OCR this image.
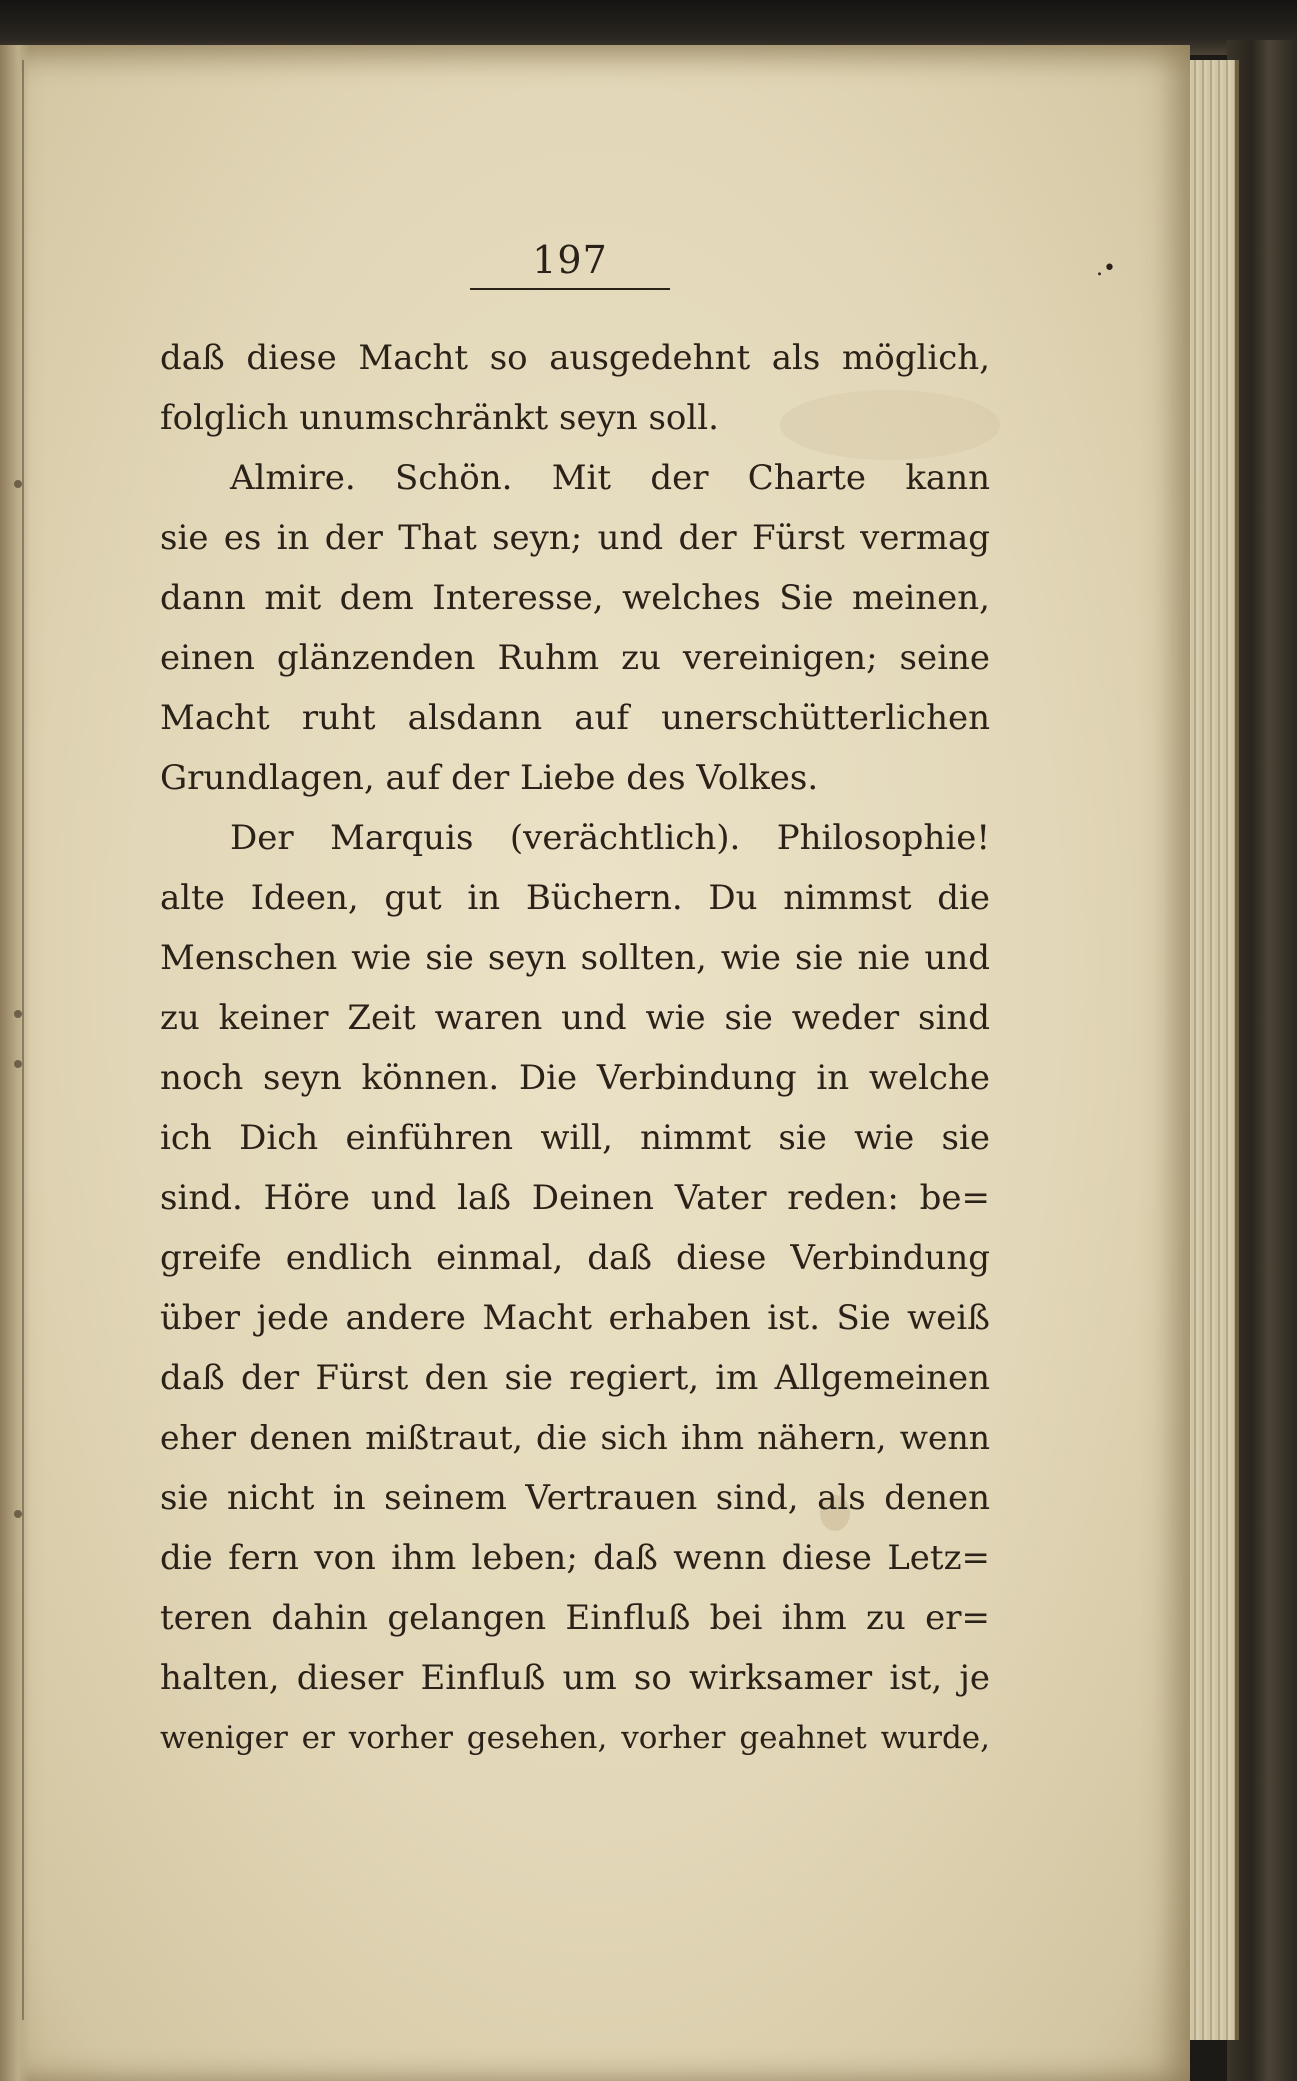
197	.•
daß diese Macht so ausgedehnt als möglich,
folglich unumschränkt seyn soll.
Almire. Schön. Mit der Charte kann
sie es in der That seyn; und der Fürst vermag
dann mit dem Interesse, welches Sie meinen,
einen glänzenden Ruhm zu vereinigen; seine
Macht ruht alsdann auf unerschütterlichen
Grundlagen, auf der Liebe des Volkes.
Der Marquis (verächtlich). Philosophie!
alte Ideen, gut in Büchern. Du nimmst die
Menschen wie sie seyn sollten, wie sie nie und
zu keiner Zeit waren und wie sie weder sind
noch seyn können. Die Verbindung in welche
ich Dich einführen will, nimmt sie wie sie
sind. Höre und laß Deinen Vater reden: be=
greife endlich einmal, daß diese Verbindung
über jede andere Macht erhaben ist. Sie weiß
daß der Fürst den sie regiert, im Allgemeinen
eher denen mißtraut, die sich ihm nähern, wenn
sie nicht in seinem Vertrauen sind, als denen
die fern von ihm leben; daß wenn diese Letz=
teren dahin gelangen Einfluß bei ihm zu er=
halten, dieser Einfluß um so wirksamer ist, je
weniger er vorher gesehen, vorher geahnet wurde,
